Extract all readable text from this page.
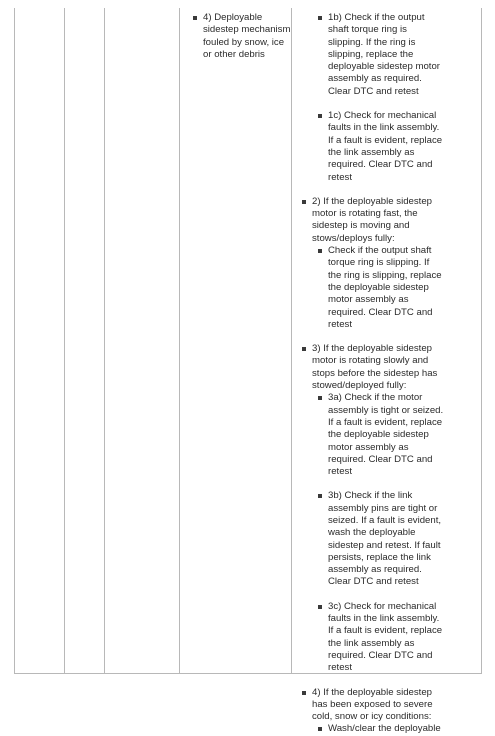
4) Deployable sidestep mechanism fouled by snow, ice or other debris
1b) Check if the output shaft torque ring is slipping. If the ring is slipping, replace the deployable sidestep motor assembly as required. Clear DTC and retest
1c) Check for mechanical faults in the link assembly. If a fault is evident, replace the link assembly as required. Clear DTC and retest
2) If the deployable sidestep motor is rotating fast, the sidestep is moving and stows/deploys fully:
Check if the output shaft torque ring is slipping. If the ring is slipping, replace the deployable sidestep motor assembly as required. Clear DTC and retest
3) If the deployable sidestep motor is rotating slowly and stops before the sidestep has stowed/deployed fully:
3a) Check if the motor assembly is tight or seized. If a fault is evident, replace the deployable sidestep motor assembly as required. Clear DTC and retest
3b) Check if the link assembly pins are tight or seized. If a fault is evident, wash the deployable sidestep and retest. If fault persists, replace the link assembly as required. Clear DTC and retest
3c) Check for mechanical faults in the link assembly. If a fault is evident, replace the link assembly as required. Clear DTC and retest
4) If the deployable sidestep has been exposed to severe cold, snow or icy conditions:
Wash/clear the deployable
